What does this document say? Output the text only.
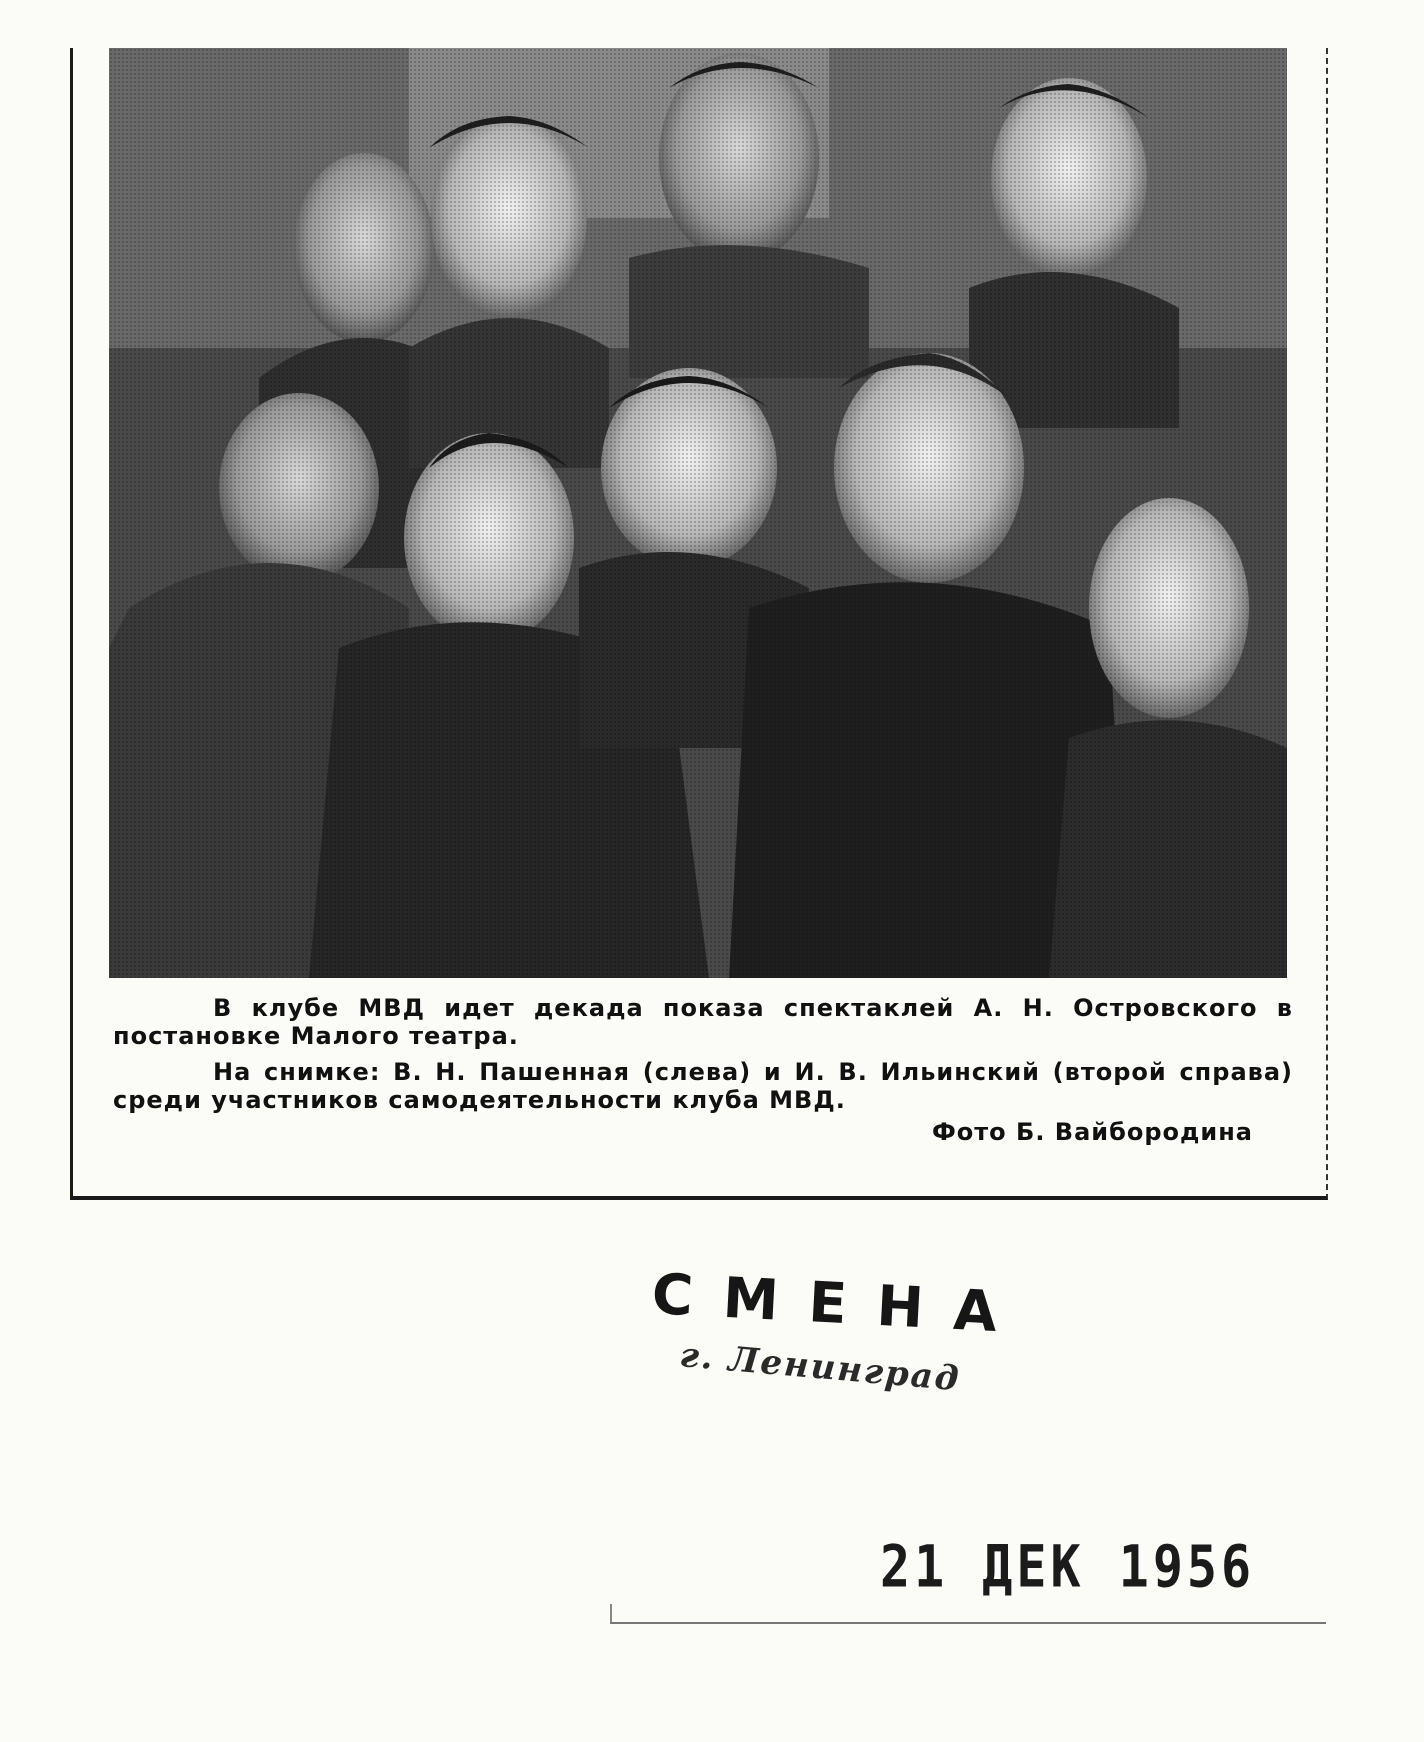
В клубе МВД идет декада показа спектаклей А. Н. Островского в постановке Малого театра.

На снимке: В. Н. Пашенная (слева) и И. В. Ильинский (второй справа) среди участников самодеятельности клуба МВД.

Фото Б. Вайбородина

СМЕНА
г. Ленинград
21 ДЕК 1956
